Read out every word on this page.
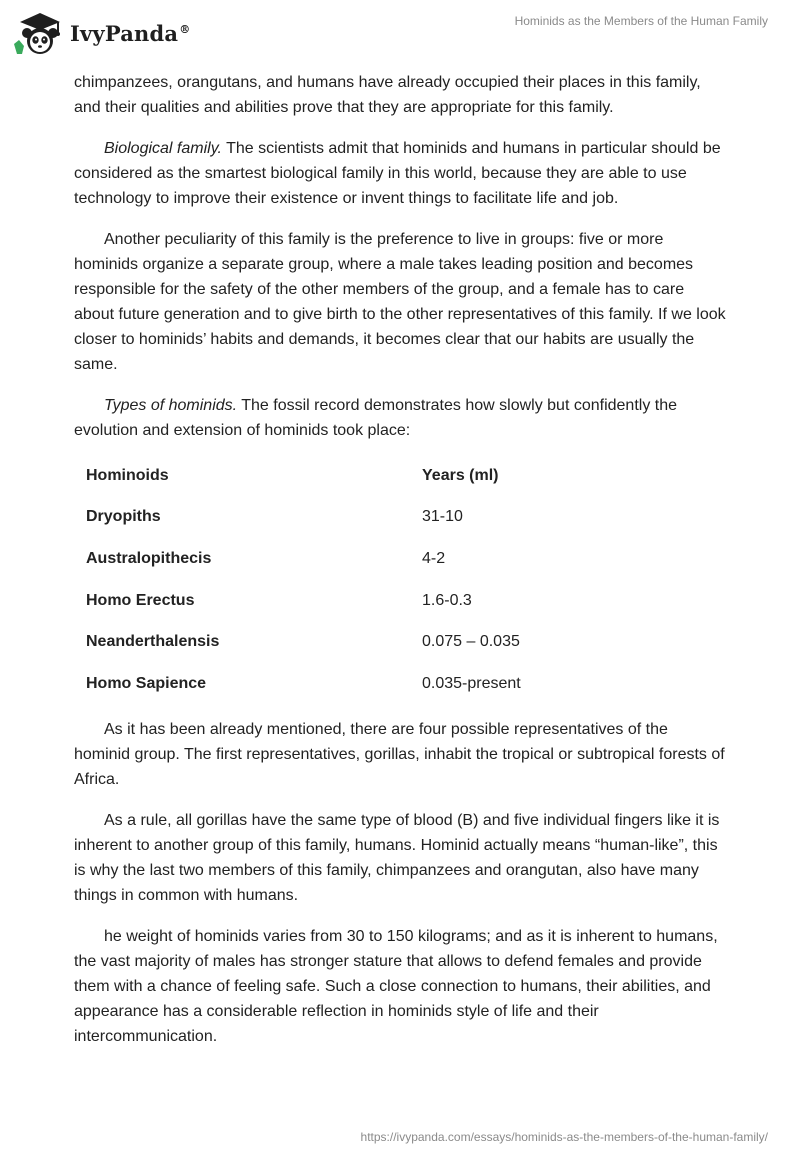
IvyPanda®
Hominids as the Members of the Human Family

chimpanzees, orangutans, and humans have already occupied their places in this family, and their qualities and abilities prove that they are appropriate for this family.

Biological family. The scientists admit that hominids and humans in particular should be considered as the smartest biological family in this world, because they are able to use technology to improve their existence or invent things to facilitate life and job.

Another peculiarity of this family is the preference to live in groups: five or more hominids organize a separate group, where a male takes leading position and becomes responsible for the safety of the other members of the group, and a female has to care about future generation and to give birth to the other representatives of this family. If we look closer to hominids’ habits and demands, it becomes clear that our habits are usually the same.

Types of hominids. The fossil record demonstrates how slowly but confidently the evolution and extension of hominids took place:

Hominoids	Years (ml)
Dryopiths	31-10
Australopithecis	4-2
Homo Erectus	1.6-0.3
Neanderthalensis	0.075 – 0.035
Homo Sapience	0.035-present

As it has been already mentioned, there are four possible representatives of the hominid group. The first representatives, gorillas, inhabit the tropical or subtropical forests of Africa.

As a rule, all gorillas have the same type of blood (B) and five individual fingers like it is inherent to another group of this family, humans. Hominid actually means “human-like”, this is why the last two members of this family, chimpanzees and orangutan, also have many things in common with humans.

he weight of hominids varies from 30 to 150 kilograms; and as it is inherent to humans, the vast majority of males has stronger stature that allows to defend females and provide them with a chance of feeling safe. Such a close connection to humans, their abilities, and appearance has a considerable reflection in hominids style of life and their intercommunication.

https://ivypanda.com/essays/hominids-as-the-members-of-the-human-family/
